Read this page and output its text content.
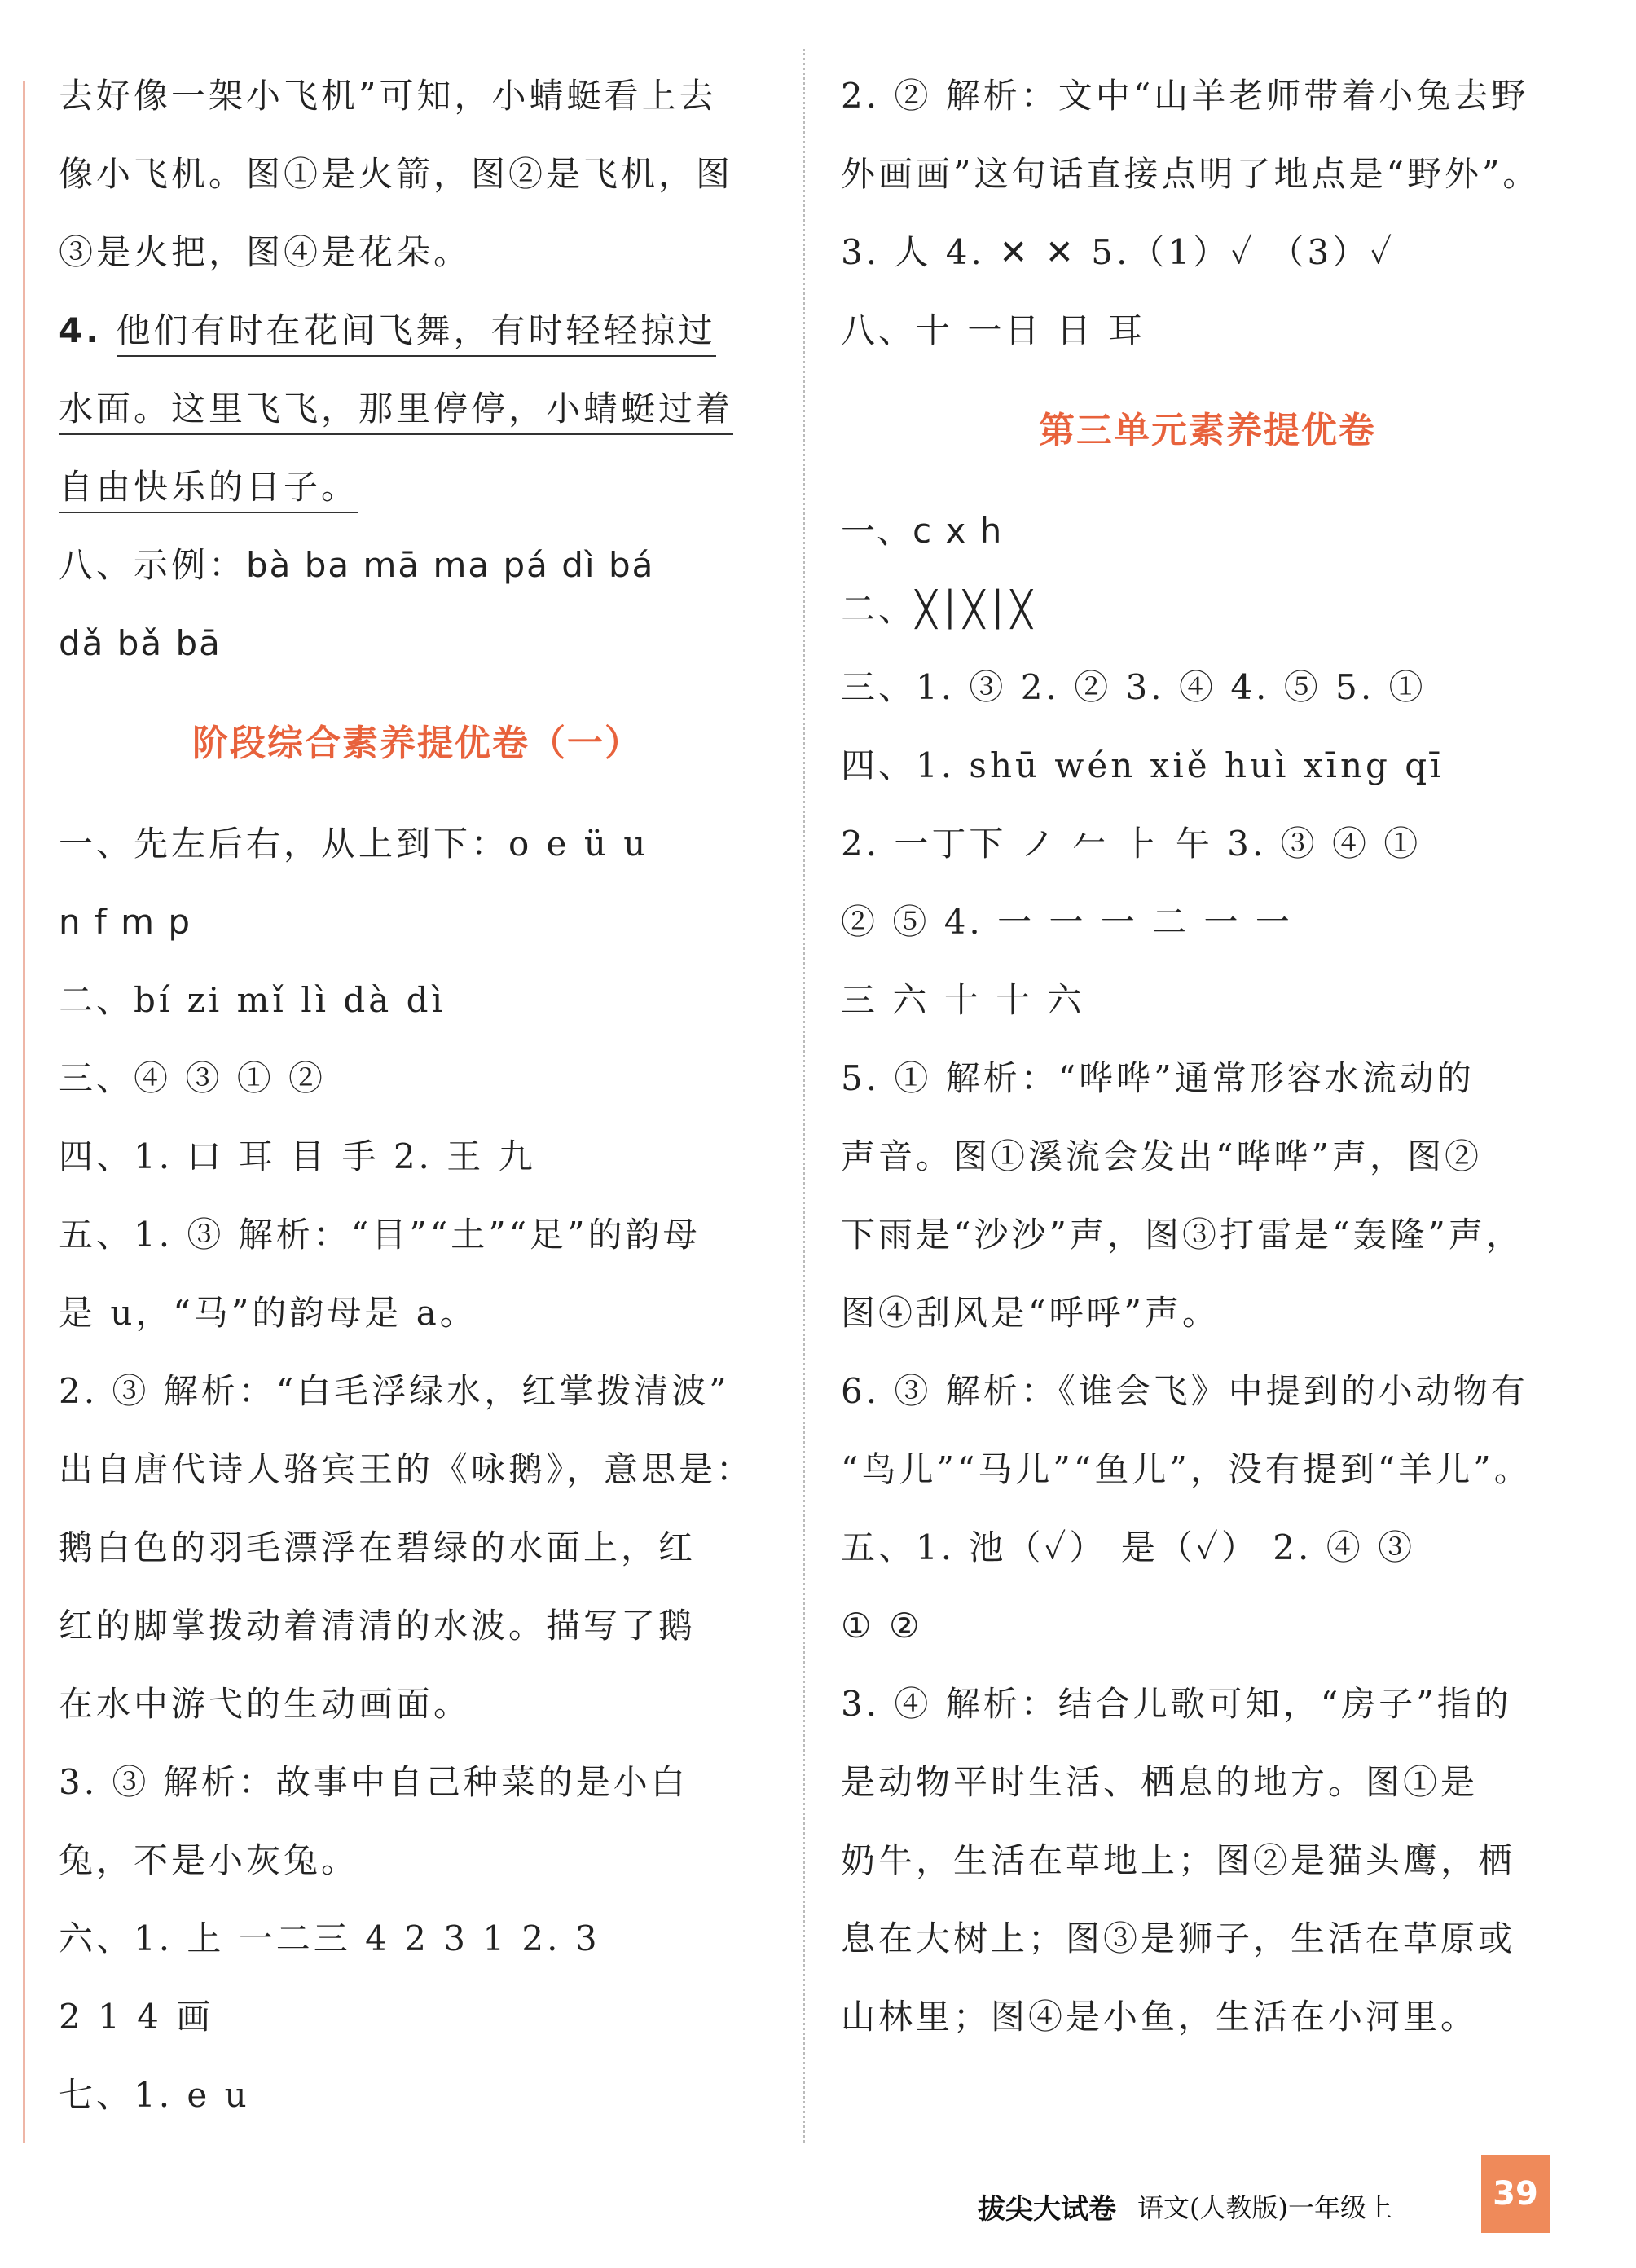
去好像一架小飞机”可知，小蜻蜓看上去
像小飞机。图①是火箭，图②是飞机，图
③是火把，图④是花朵。
4. 他们有时在花间飞舞，有时轻轻掠过
水面。这里飞飞，那里停停，小蜻蜓过着
自由快乐的日子。
八、示例：bà ba mā ma pá dì bá
dǎ bǎ bā
阶段综合素养提优卷（一）
一、先左后右，从上到下：o e ü u
n f m p
二、bí zi mǐ lì dà dì
三、④ ③ ① ②
四、1. 口 耳 目 手 2. 王 九
五、1. ③ 解析：“目”“土”“足”的韵母
是 u，“马”的韵母是 a。
2. ③ 解析：“白毛浮绿水，红掌拨清波”
出自唐代诗人骆宾王的《咏鹅》，意思是：
鹅白色的羽毛漂浮在碧绿的水面上，红
红的脚掌拨动着清清的水波。描写了鹅
在水中游弋的生动画面。
3. ③ 解析：故事中自己种菜的是小白
兔，不是小灰兔。
六、1. 上 一二三 4 2 3 1 2. 3
2 1 4 画
七、1. e u
2. ② 解析：文中“山羊老师带着小兔去野
外画画”这句话直接点明了地点是“野外”。
3. 人 4. ✕ ✕ 5.（1）✓ （3）✓
八、十 一日 日 耳
第三单元素养提优卷
一、c x h
二、╳│╳│╳
三、1. ③ 2. ② 3. ④ 4. ⑤ 5. ①
四、1. shū wén xiě huì xīng qī
2. 一丁下 ノ 𠂉 ⺊ 午 3. ③ ④ ①
② ⑤ 4. 一 一 一 二 一 一
三 六 十 十 六
5. ① 解析：“哗哗”通常形容水流动的
声音。图①溪流会发出“哗哗”声，图②
下雨是“沙沙”声，图③打雷是“轰隆”声，
图④刮风是“呼呼”声。
6. ③ 解析：《谁会飞》中提到的小动物有
“鸟儿”“马儿”“鱼儿”，没有提到“羊儿”。
五、1. 池（✓） 是（✓） 2. ④ ③
① ②
3. ④ 解析：结合儿歌可知，“房子”指的
是动物平时生活、栖息的地方。图①是
奶牛，生活在草地上；图②是猫头鹰，栖
息在大树上；图③是狮子，生活在草原或
山林里；图④是小鱼，生活在小河里。
拔尖大试卷 语文(人教版)一年级上	39
